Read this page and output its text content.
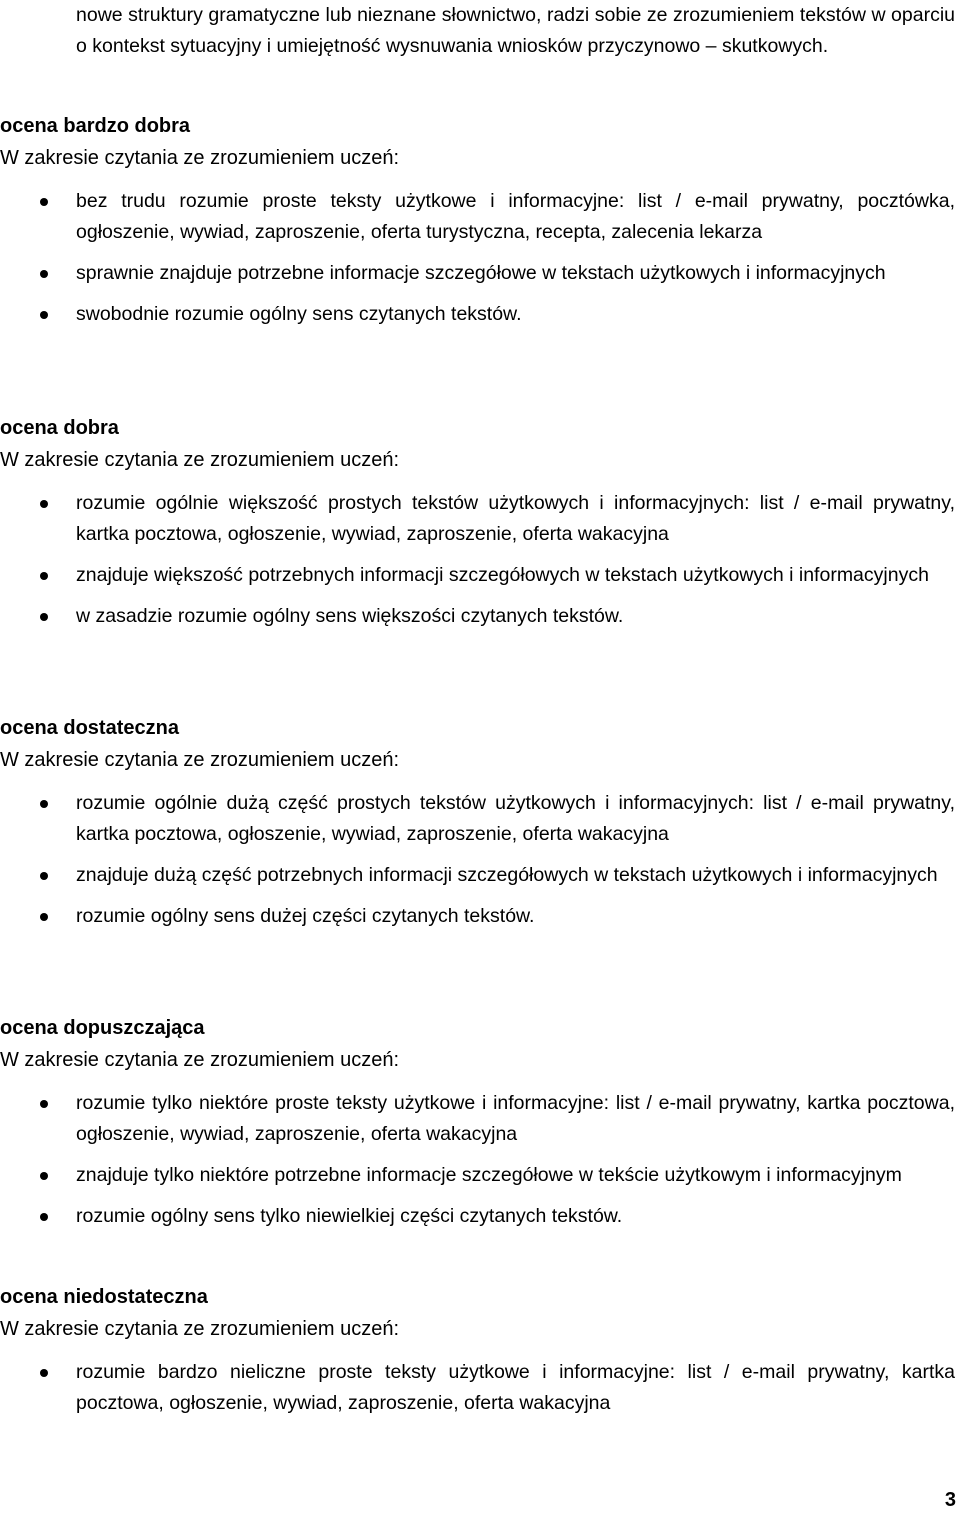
nowe struktury gramatyczne lub nieznane słownictwo, radzi sobie ze zrozumieniem tekstów w oparciu o kontekst sytuacyjny i umiejętność wysnuwania wniosków przyczynowo – skutkowych.

ocena bardzo dobra

W zakresie czytania ze zrozumieniem uczeń:

bez trudu rozumie proste teksty użytkowe i informacyjne: list / e-mail prywatny, pocztówka, ogłoszenie, wywiad, zaproszenie, oferta turystyczna, recepta, zalecenia lekarza
sprawnie znajduje potrzebne informacje szczegółowe w tekstach użytkowych i informacyjnych
swobodnie rozumie ogólny sens czytanych tekstów.

ocena dobra

W zakresie czytania ze zrozumieniem uczeń:

rozumie ogólnie większość prostych tekstów użytkowych i informacyjnych: list / e-mail prywatny, kartka pocztowa, ogłoszenie, wywiad, zaproszenie, oferta wakacyjna
znajduje większość potrzebnych informacji szczegółowych w tekstach użytkowych i informacyjnych
w zasadzie rozumie ogólny sens większości czytanych tekstów.

ocena dostateczna

W zakresie czytania ze zrozumieniem uczeń:

rozumie ogólnie dużą część prostych tekstów użytkowych i informacyjnych: list / e-mail prywatny, kartka pocztowa, ogłoszenie, wywiad, zaproszenie, oferta wakacyjna
znajduje dużą część potrzebnych informacji szczegółowych w tekstach użytkowych i informacyjnych
rozumie ogólny sens dużej części czytanych tekstów.

ocena dopuszczająca

W zakresie czytania ze zrozumieniem uczeń:

rozumie tylko niektóre proste teksty użytkowe i informacyjne: list / e-mail prywatny, kartka pocztowa, ogłoszenie, wywiad, zaproszenie, oferta wakacyjna
znajduje tylko niektóre potrzebne informacje szczegółowe w tekście użytkowym i informacyjnym
rozumie ogólny sens tylko niewielkiej części czytanych tekstów.

ocena niedostateczna

W zakresie czytania ze zrozumieniem uczeń:

rozumie bardzo nieliczne proste teksty użytkowe i informacyjne: list / e-mail prywatny, kartka pocztowa, ogłoszenie, wywiad, zaproszenie, oferta wakacyjna
3
